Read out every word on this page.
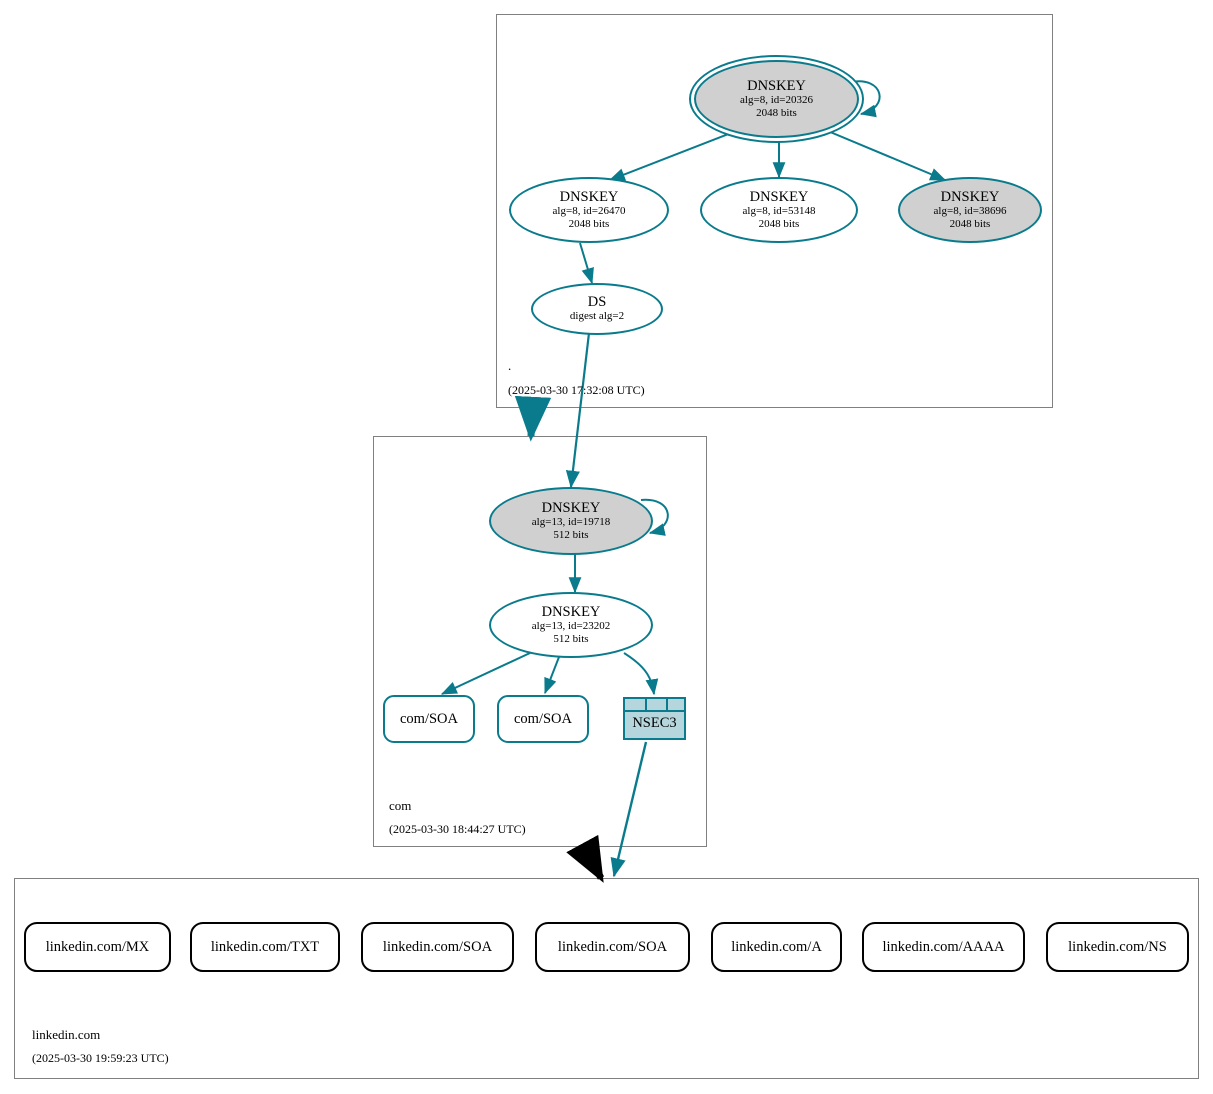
DNSKEY
alg=8, id=20326
2048 bits
DNSKEY
alg=8, id=26470
2048 bits
DNSKEY
alg=8, id=53148
2048 bits
DNSKEY
alg=8, id=38696
2048 bits
DS
digest alg=2
.
(2025-03-30 17:32:08 UTC)
DNSKEY
alg=13, id=19718
512 bits
DNSKEY
alg=13, id=23202
512 bits
com/SOA	com/SOA	NSEC3
com
(2025-03-30 18:44:27 UTC)
linkedin.com/MX	linkedin.com/TXT	linkedin.com/SOA	linkedin.com/SOA	linkedin.com/A	linkedin.com/AAAA	linkedin.com/NS
linkedin.com
(2025-03-30 19:59:23 UTC)
